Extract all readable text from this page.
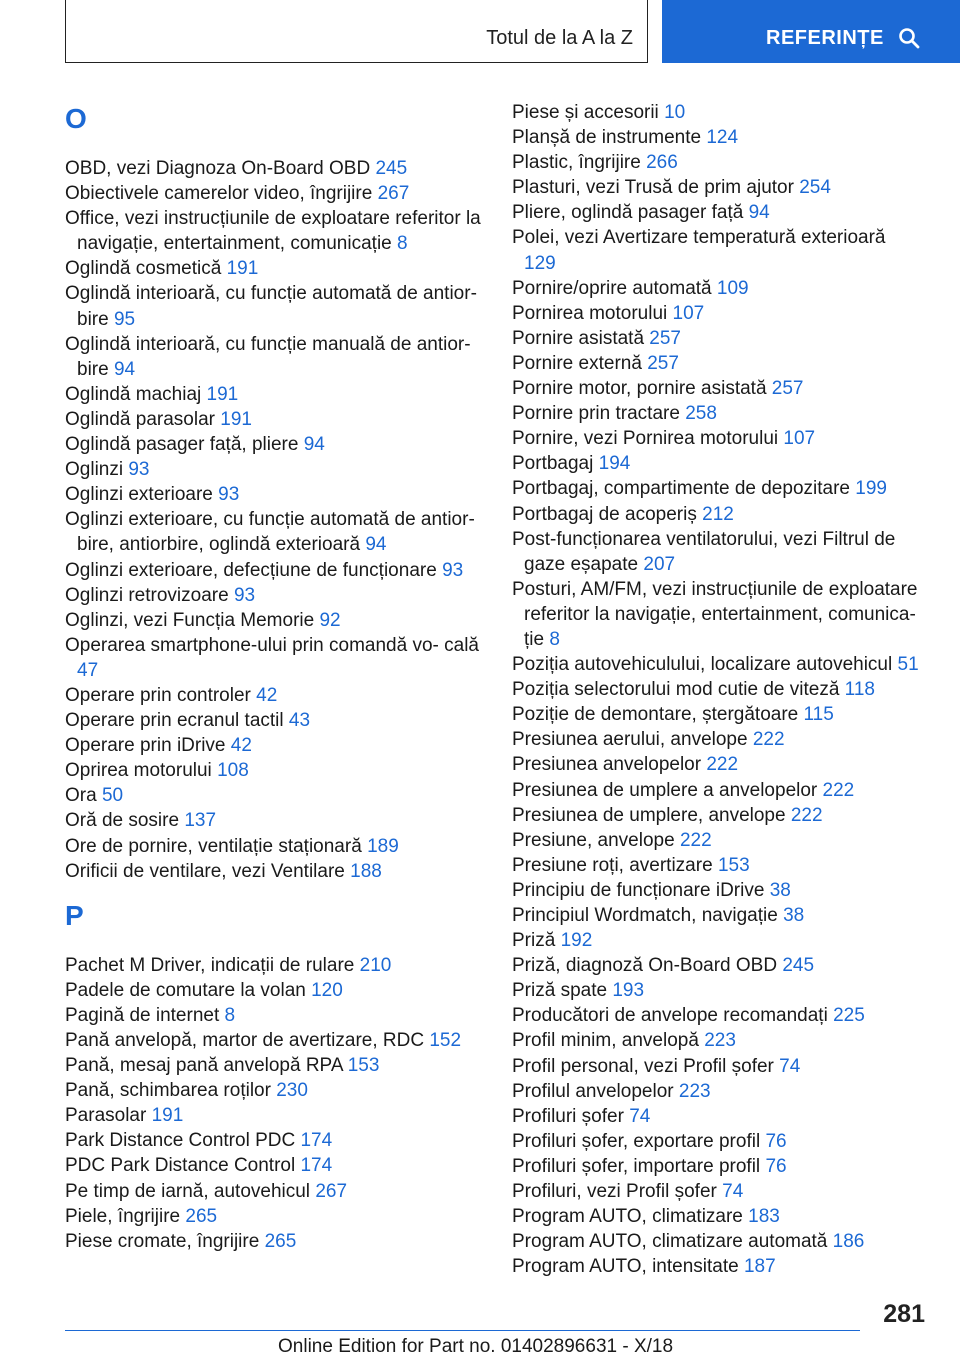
Totul de la A la Z	REFERINȚE
O

OBD, vezi Diagnoza On-Board OBD 245

Obiectivele camerelor video, îngrijire 267

Office, vezi instrucțiunile de exploatare referitor la navigație, entertainment, comunicație 8

Oglindă cosmetică 191

Oglindă interioară, cu funcție automată de antior- bire 95

Oglindă interioară, cu funcție manuală de antior- bire 94

Oglindă machiaj 191

Oglindă parasolar 191

Oglindă pasager față, pliere 94

Oglinzi 93

Oglinzi exterioare 93

Oglinzi exterioare, cu funcție automată de antior- bire, antiorbire, oglindă exterioară 94

Oglinzi exterioare, defecțiune de funcționare 93

Oglinzi retrovizoare 93

Oglinzi, vezi Funcția Memorie 92

Operarea smartphone-ului prin comandă vo- cală 47

Operare prin controler 42

Operare prin ecranul tactil 43

Operare prin iDrive 42

Oprirea motorului 108

Ora 50

Oră de sosire 137

Ore de pornire, ventilație staționară 189

Orificii de ventilare, vezi Ventilare 188

P

Pachet M Driver, indicații de rulare 210

Padele de comutare la volan 120

Pagină de internet 8

Pană anvelopă, martor de avertizare, RDC 152

Pană, mesaj pană anvelopă RPA 153

Pană, schimbarea roților 230

Parasolar 191

Park Distance Control PDC 174

PDC Park Distance Control 174

Pe timp de iarnă, autovehicul 267

Piele, îngrijire 265

Piese cromate, îngrijire 265

Piese și accesorii 10

Planșă de instrumente 124

Plastic, îngrijire 266

Plasturi, vezi Trusă de prim ajutor 254

Pliere, oglindă pasager față 94

Polei, vezi Avertizare temperatură exterioară 129

Pornire/oprire automată 109

Pornirea motorului 107

Pornire asistată 257

Pornire externă 257

Pornire motor, pornire asistată 257

Pornire prin tractare 258

Pornire, vezi Pornirea motorului 107

Portbagaj 194

Portbagaj, compartimente de depozitare 199

Portbagaj de acoperiș 212

Post-funcționarea ventilatorului, vezi Filtrul de gaze eșapate 207

Posturi, AM/FM, vezi instrucțiunile de exploatare referitor la navigație, entertainment, comunica- ție 8

Poziția autovehiculului, localizare autovehicul 51

Poziția selectorului mod cutie de viteză 118

Poziție de demontare, ștergătoare 115

Presiunea aerului, anvelope 222

Presiunea anvelopelor 222

Presiunea de umplere a anvelopelor 222

Presiunea de umplere, anvelope 222

Presiune, anvelope 222

Presiune roți, avertizare 153

Principiu de funcționare iDrive 38

Principiul Wordmatch, navigație 38

Priză 192

Priză, diagnoză On-Board OBD 245

Priză spate 193

Producători de anvelope recomandați 225

Profil minim, anvelopă 223

Profil personal, vezi Profil șofer 74

Profilul anvelopelor 223

Profiluri șofer 74

Profiluri șofer, exportare profil 76

Profiluri șofer, importare profil 76

Profiluri, vezi Profil șofer 74

Program AUTO, climatizare 183

Program AUTO, climatizare automată 186

Program AUTO, intensitate 187

281
Online Edition for Part no. 01402896631 - X/18
